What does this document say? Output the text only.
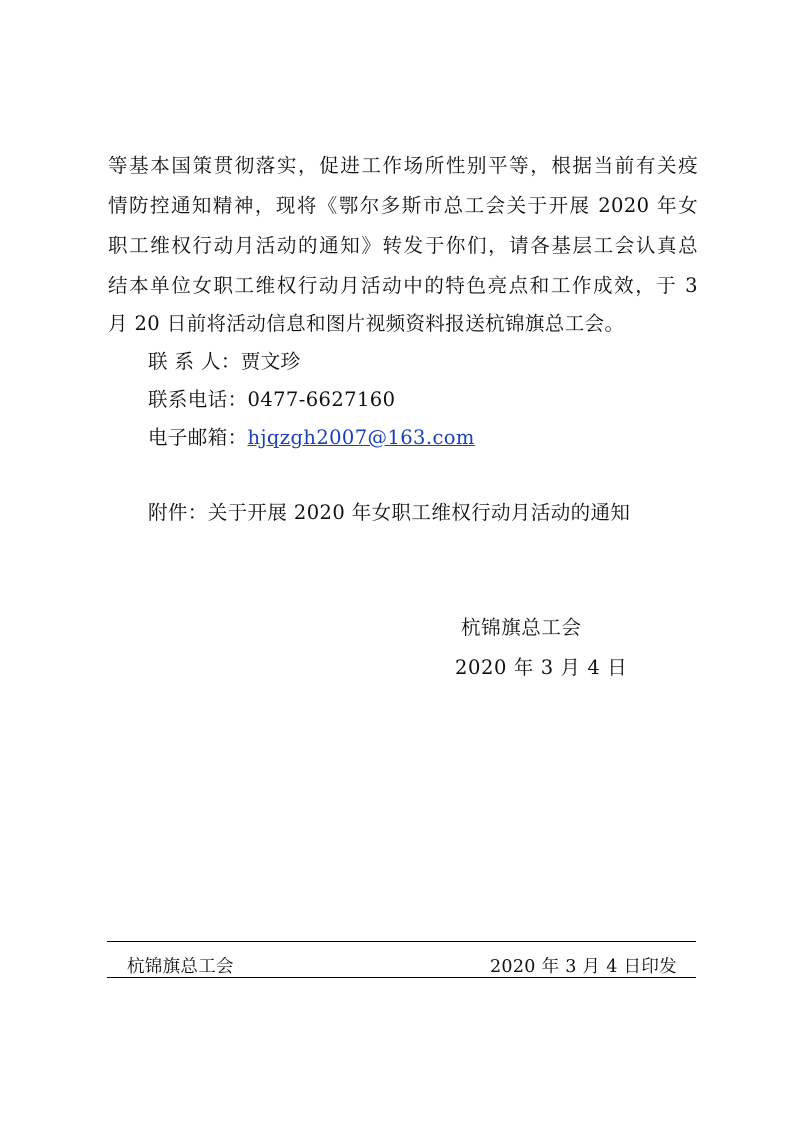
等基本国策贯彻落实，促进工作场所性别平等，根据当前有关疫
情防控通知精神，现将《鄂尔多斯市总工会关于开展 2020 年女
职工维权行动月活动的通知》转发于你们，请各基层工会认真总
结本单位女职工维权行动月活动中的特色亮点和工作成效，于 3
月 20 日前将活动信息和图片视频资料报送杭锦旗总工会。
联 系 人：贾文珍
联系电话：0477-6627160
电子邮箱：hjqzgh2007@163.com
附件：关于开展 2020 年女职工维权行动月活动的通知
杭锦旗总工会
2020 年 3 月 4 日
杭锦旗总工会	2020 年 3 月 4 日印发
